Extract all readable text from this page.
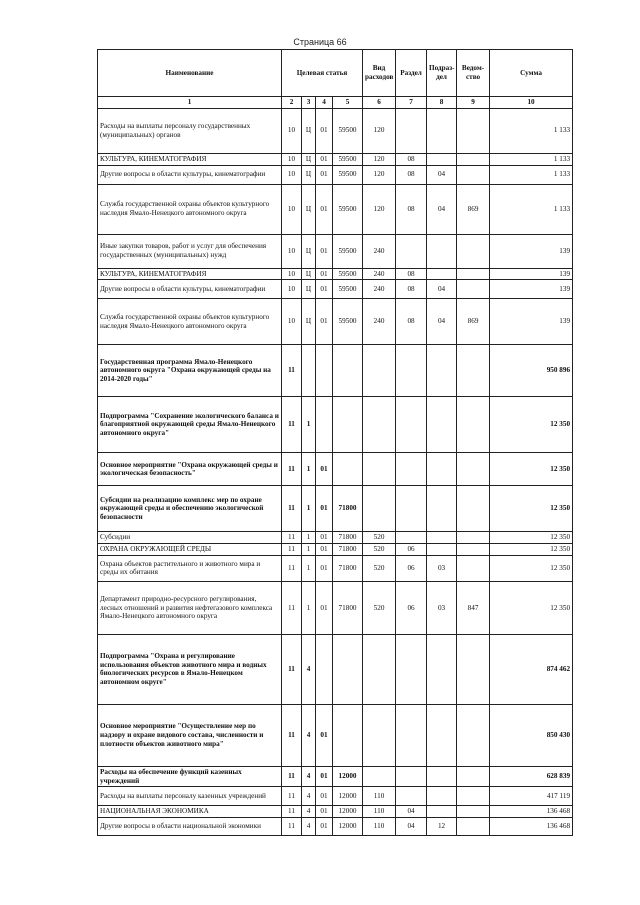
Страница 66
Наименование	Целевая статья				Вид расходов	Раздел	Подраз-дел	Ведом-ство	Сумма
1	2	3	4	5	6	7	8	9	10
Расходы на выплаты персоналу государственных (муниципальных) органов	10	Ц	01	59500	120				1 133
КУЛЬТУРА, КИНЕМАТОГРАФИЯ	10	Ц	01	59500	120	08			1 133
Другие вопросы в области культуры, кинематографии	10	Ц	01	59500	120	08	04		1 133
Служба государственной охраны объектов культурного наследия Ямало-Ненецкого автономного округа	10	Ц	01	59500	120	08	04	869	1 133
Иные закупки товаров, работ и услуг для обеспечения государственных (муниципальных) нужд	10	Ц	01	59500	240				139
КУЛЬТУРА, КИНЕМАТОГРАФИЯ	10	Ц	01	59500	240	08			139
Другие вопросы в области культуры, кинематографии	10	Ц	01	59500	240	08	04		139
Служба государственной охраны объектов культурного наследия Ямало-Ненецкого автономного округа	10	Ц	01	59500	240	08	04	869	139
Государственная программа Ямало-Ненецкого автономного округа "Охрана окружающей среды на 2014-2020 годы"	11								950 896
Подпрограмма "Сохранение экологического баланса и благоприятной окружающей среды Ямало-Ненецкого автономного округа"	11	1							12 350
Основное мероприятие "Охрана окружающей среды и экологическая безопасность"	11	1	01						12 350
Субсидии на реализацию комплекс мер по охране окружающей среды и обеспечению экологической безопасности	11	1	01	71800					12 350
Субсидии	11	1	01	71800	520				12 350
ОХРАНА ОКРУЖАЮЩЕЙ СРЕДЫ	11	1	01	71800	520	06			12 350
Охрана объектов растительного и животного мира и среды их обитания	11	1	01	71800	520	06	03		12 350
Департамент природно-ресурсного регулирования, лесных отношений и развития нефтегазового комплекса Ямало-Ненецкого автономного округа	11	1	01	71800	520	06	03	847	12 350
Подпрограмма "Охрана и регулирование использования объектов животного мира и водных биологических ресурсов в Ямало-Ненецком автономном округе"	11	4							874 462
Основное мероприятие "Осуществление мер по надзору и охране видового состава, численности и плотности объектов животного мира"	11	4	01						850 430
Расходы на обеспечение функций казенных учреждений	11	4	01	12000					628 839
Расходы на выплаты персоналу казенных учреждений	11	4	01	12000	110				417 119
НАЦИОНАЛЬНАЯ ЭКОНОМИКА	11	4	01	12000	110	04			136 468
Другие вопросы в области национальной экономики	11	4	01	12000	110	04	12		136 468
